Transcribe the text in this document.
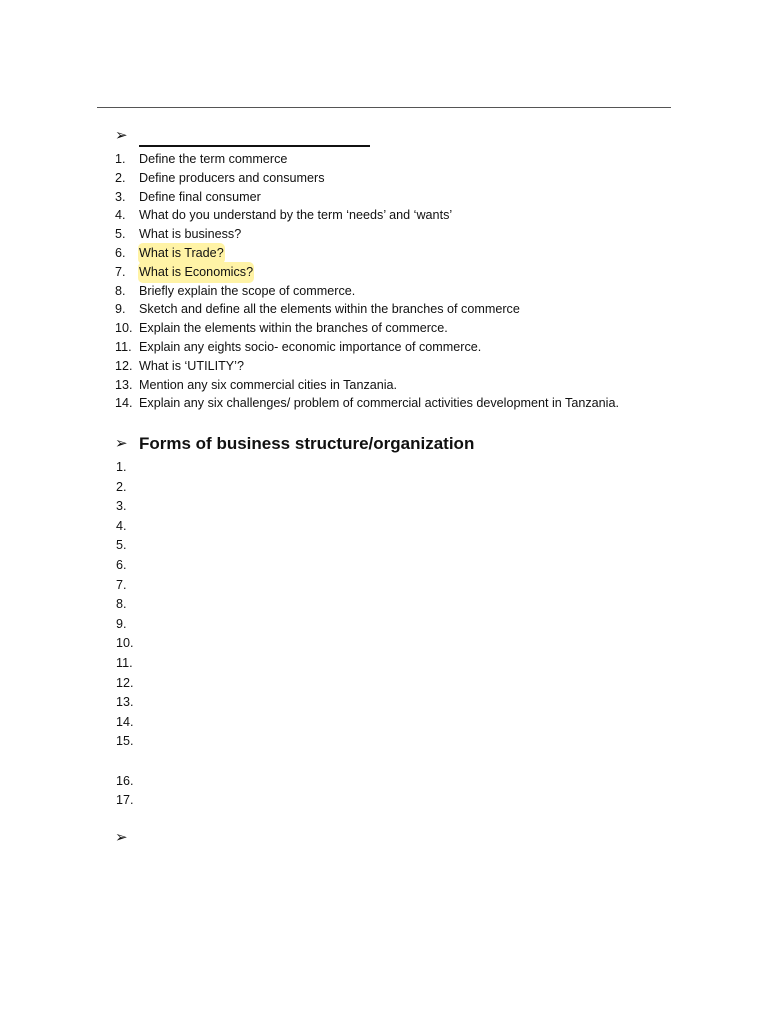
➢
1.	Define the term commerce
2.	Define producers and consumers
3.	Define final consumer
4.	What do you understand by the term ‘needs’ and ‘wants’
5.	What is business?
6.	What is Trade?
7.	What is Economics?
8.	Briefly explain the scope of commerce.
9.	Sketch and define all the elements within the branches of commerce
10. Explain the elements within the branches of commerce.
11. Explain any eights socio- economic importance of commerce.
12. What is ‘UTILITY’?
13. Mention any six commercial cities in Tanzania.
14. Explain any six challenges/ problem of commercial activities development in Tanzania.
➢ Forms of business structure/organization
1.
2.
3.
4.
5.
6.
7.
8.
9.
10.
11.
12.
13.
14.
15.
16.
17.
➢
